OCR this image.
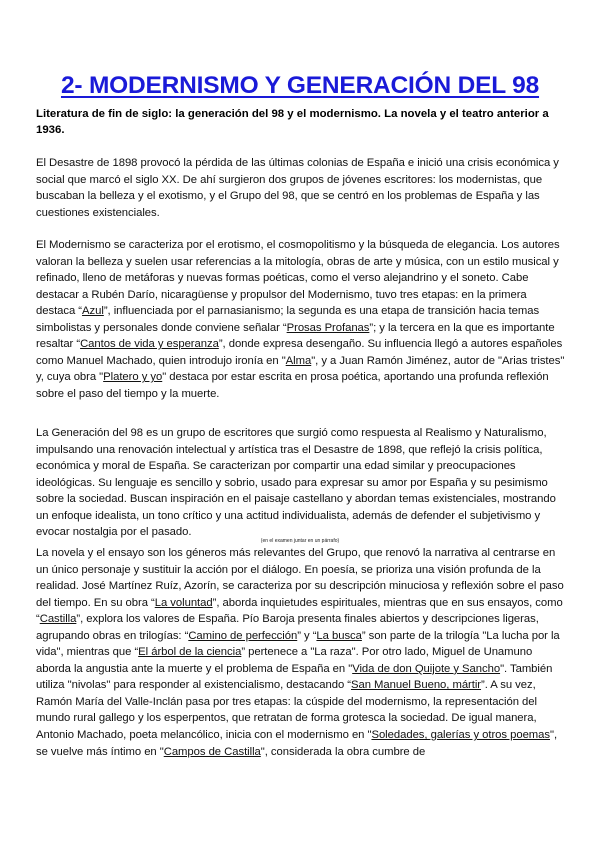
2- MODERNISMO Y GENERACIÓN DEL 98
Literatura de fin de siglo: la generación del 98 y el modernismo. La novela y el teatro anterior a 1936.
El Desastre de 1898 provocó la pérdida de las últimas colonias de España e inició una crisis económica y social que marcó el siglo XX. De ahí surgieron dos grupos de jóvenes escritores: los modernistas, que buscaban la belleza y el exotismo, y el Grupo del 98, que se centró en los problemas de España y las cuestiones existenciales.
El Modernismo se caracteriza por el erotismo, el cosmopolitismo y la búsqueda de elegancia. Los autores valoran la belleza y suelen usar referencias a la mitología, obras de arte y música, con un estilo musical y refinado, lleno de metáforas y nuevas formas poéticas, como el verso alejandrino y el soneto. Cabe destacar a Rubén Darío, nicaragüense y propulsor del Modernismo, tuvo tres etapas: en la primera destaca “Azul”, influenciada por el parnasianismo; la segunda es una etapa de transición hacia temas simbolistas y personales donde conviene señalar “Prosas Profanas”; y la tercera en la que es importante resaltar “Cantos de vida y esperanza”, donde expresa desengaño. Su influencia llegó a autores españoles como Manuel Machado, quien introdujo ironía en "Alma", y a Juan Ramón Jiménez, autor de "Arias tristes" y, cuya obra "Platero y yo" destaca por estar escrita en prosa poética, aportando una profunda reflexión sobre el paso del tiempo y la muerte.
La Generación del 98 es un grupo de escritores que surgió como respuesta al Realismo y Naturalismo, impulsando una renovación intelectual y artística tras el Desastre de 1898, que reflejó la crisis política, económica y moral de España. Se caracterizan por compartir una edad similar y preocupaciones ideológicas. Su lenguaje es sencillo y sobrio, usado para expresar su amor por España y su pesimismo sobre la sociedad. Buscan inspiración en el paisaje castellano y abordan temas existenciales, mostrando un enfoque idealista, un tono crítico y una actitud individualista, además de defender el subjetivismo y evocar nostalgia por el pasado.
(en el examen juntar en un párrafo)
La novela y el ensayo son los géneros más relevantes del Grupo, que renovó la narrativa al centrarse en un único personaje y sustituir la acción por el diálogo. En poesía, se prioriza una visión profunda de la realidad. José Martínez Ruíz, Azorín, se caracteriza por su descripción minuciosa y reflexión sobre el paso del tiempo. En su obra “La voluntad”, aborda inquietudes espirituales, mientras que en sus ensayos, como “Castilla”, explora los valores de España. Pío Baroja presenta finales abiertos y descripciones ligeras, agrupando obras en trilogías: “Camino de perfección” y “La busca” son parte de la trilogía "La lucha por la vida", mientras que “El árbol de la ciencia” pertenece a "La raza". Por otro lado, Miguel de Unamuno aborda la angustia ante la muerte y el problema de España en "Vida de don Quijote y Sancho". También utiliza "nivolas" para responder al existencialismo, destacando “San Manuel Bueno, mártir”. A su vez, Ramón María del Valle-Inclán pasa por tres etapas: la cúspide del modernismo, la representación del mundo rural gallego y los esperpentos, que retratan de forma grotesca la sociedad. De igual manera, Antonio Machado, poeta melancólico, inicia con el modernismo en "Soledades, galerías y otros poemas", se vuelve más íntimo en "Campos de Castilla", considerada la obra cumbre de
